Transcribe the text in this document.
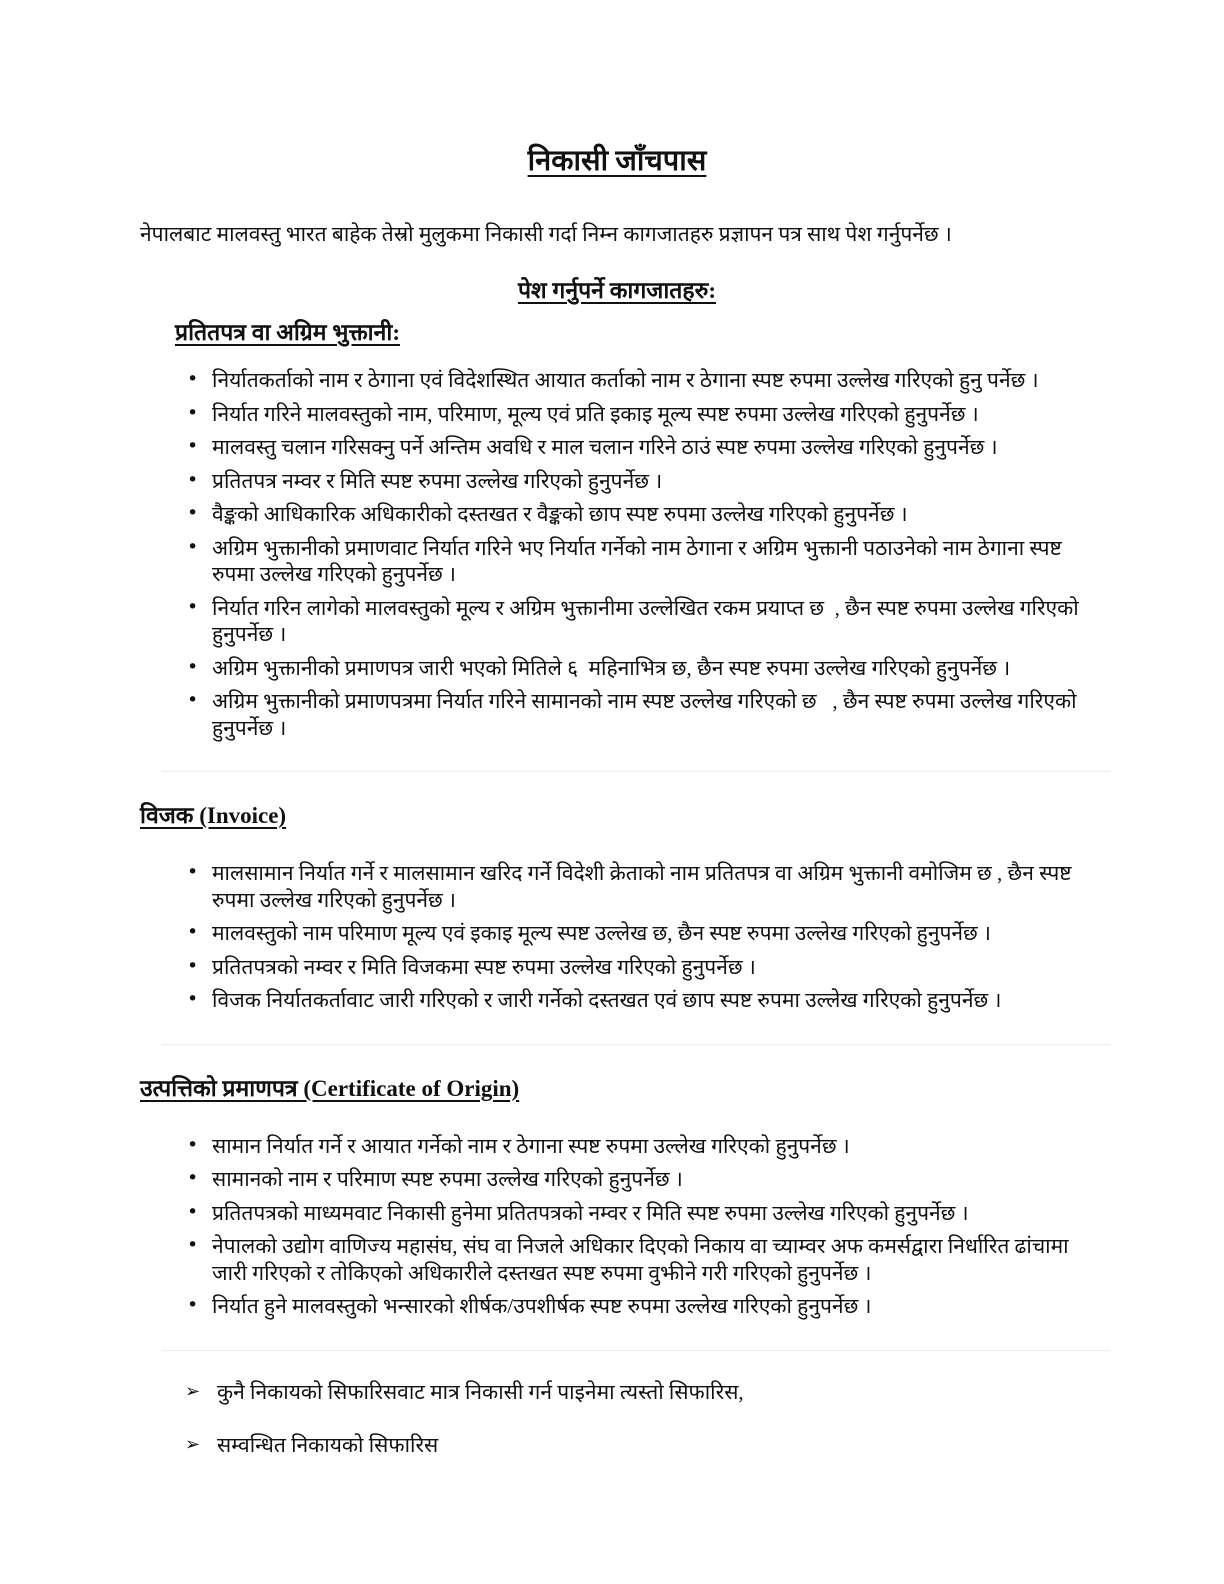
निकासी जाँचपास

नेपालबाट मालवस्तु भारत बाहेक तेस्रो मुलुकमा निकासी गर्दा निम्न कागजातहरु प्रज्ञापन पत्र साथ पेश गर्नुपर्नेछ ।

पेश गर्नुपर्ने कागजातहरु:
प्रतितपत्र वा अग्रिम भुक्तानी:
• निर्यातकर्ताको नाम र ठेगाना एवं विदेशस्थित आयात कर्ताको नाम र ठेगाना स्पष्ट रुपमा उल्लेख गरिएको हुनु पर्नेछ ।
• निर्यात गरिने मालवस्तुको नाम, परिमाण, मूल्य एवं प्रति इकाइ मूल्य स्पष्ट रुपमा उल्लेख गरिएको हुनुपर्नेछ ।
• मालवस्तु चलान गरिसक्नु पर्ने अन्तिम अवधि र माल चलान गरिने ठाउं स्पष्ट रुपमा उल्लेख गरिएको हुनुपर्नेछ ।
• प्रतितपत्र नम्वर र मिति स्पष्ट रुपमा उल्लेख गरिएको हुनुपर्नेछ ।
• वैङ्कको आधिकारिक अधिकारीको दस्तखत र वैङ्कको छाप स्पष्ट रुपमा उल्लेख गरिएको हुनुपर्नेछ ।
• अग्रिम भुक्तानीको प्रमाणवाट निर्यात गरिने भए निर्यात गर्नेको नाम ठेगाना र अग्रिम भुक्तानी पठाउनेको नाम ठेगाना स्पष्ट रुपमा उल्लेख गरिएको हुनुपर्नेछ ।
• निर्यात गरिन लागेको मालवस्तुको मूल्य र अग्रिम भुक्तानीमा उल्लेखित रकम प्रयाप्त छ  , छैन स्पष्ट रुपमा उल्लेख गरिएको हुनुपर्नेछ ।
• अग्रिम भुक्तानीको प्रमाणपत्र जारी भएको मितिले ६  महिनाभित्र छ, छैन स्पष्ट रुपमा उल्लेख गरिएको हुनुपर्नेछ ।
• अग्रिम भुक्तानीको प्रमाणपत्रमा निर्यात गरिने सामानको नाम स्पष्ट उल्लेख गरिएको छ   , छैन स्पष्ट रुपमा उल्लेख गरिएको हुनुपर्नेछ ।
विजक (Invoice)
• मालसामान निर्यात गर्ने र मालसामान खरिद गर्ने विदेशी क्रेताको नाम प्रतितपत्र वा अग्रिम भुक्तानी वमोजिम छ , छैन स्पष्ट रुपमा उल्लेख गरिएको हुनुपर्नेछ ।
• मालवस्तुको नाम परिमाण मूल्य एवं इकाइ मूल्य स्पष्ट उल्लेख छ, छैन स्पष्ट रुपमा उल्लेख गरिएको हुनुपर्नेछ ।
• प्रतितपत्रको नम्वर र मिति विजकमा स्पष्ट रुपमा उल्लेख गरिएको हुनुपर्नेछ ।
• विजक निर्यातकर्तावाट जारी गरिएको र जारी गर्नेको दस्तखत एवं छाप स्पष्ट रुपमा उल्लेख गरिएको हुनुपर्नेछ ।
उत्पत्तिको प्रमाणपत्र (Certificate of Origin)
• सामान निर्यात गर्ने र आयात गर्नेको नाम र ठेगाना स्पष्ट रुपमा उल्लेख गरिएको हुनुपर्नेछ ।
• सामानको नाम र परिमाण स्पष्ट रुपमा उल्लेख गरिएको हुनुपर्नेछ ।
• प्रतितपत्रको माध्यमवाट निकासी हुनेमा प्रतितपत्रको नम्वर र मिति स्पष्ट रुपमा उल्लेख गरिएको हुनुपर्नेछ ।
• नेपालको उद्योग वाणिज्य महासंघ, संघ वा निजले अधिकार दिएको निकाय वा च्याम्वर अफ कमर्सद्वारा निर्धारित ढांचामा जारी गरिएको र तोकिएको अधिकारीले दस्तखत स्पष्ट रुपमा वुझीने गरी गरिएको हुनुपर्नेछ ।
• निर्यात हुने मालवस्तुको भन्सारको शीर्षक/उपशीर्षक स्पष्ट रुपमा उल्लेख गरिएको हुनुपर्नेछ ।
➢ कुनै निकायको सिफारिसवाट मात्र निकासी गर्न पाइनेमा त्यस्तो सिफारिस,
➢ सम्वन्धित निकायको सिफारिस
